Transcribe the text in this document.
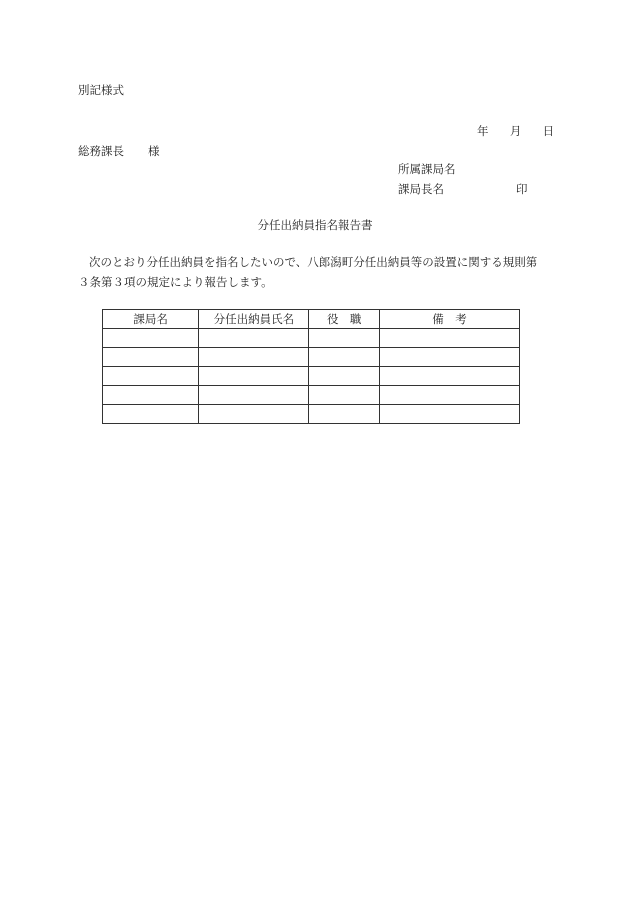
別記様式
年 月 日
総務課長 様
所属課局名
課局長名	印
分任出納員指名報告書
次のとおり分任出納員を指名したいので、八郎潟町分任出納員等の設置に関する規則第
３条第３項の規定により報告します。
課局名	分任出納員氏名	役　職	備　考
